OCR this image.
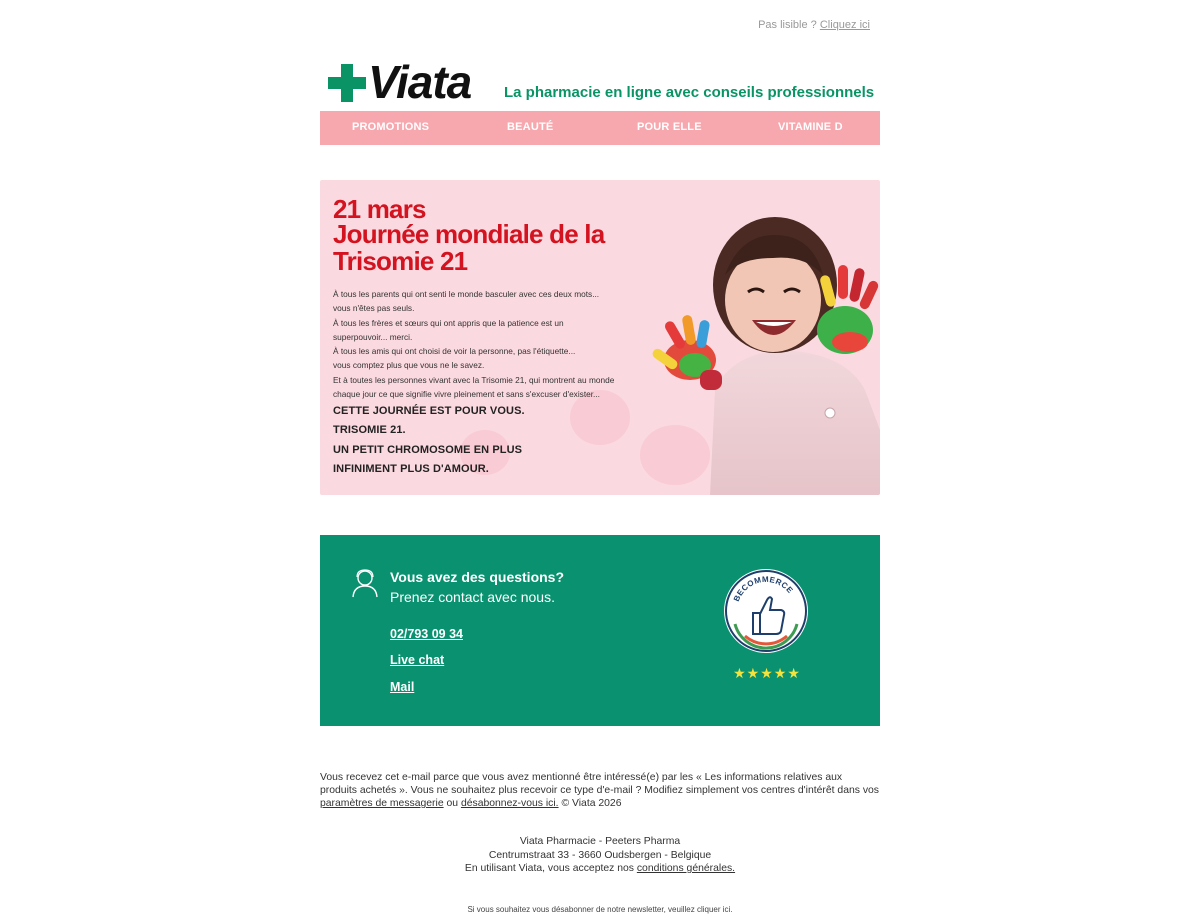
Pas lisible ? Cliquez ici
Viata La pharmacie en ligne avec conseils professionnels
PROMOTIONS	BEAUTÉ	POUR ELLE	VITAMINE D
21 mars
Journée mondiale de la Trisomie 21
À tous les parents qui ont senti le monde basculer avec ces deux mots...
vous n'êtes pas seuls.
À tous les frères et sœurs qui ont appris que la patience est un
superpouvoir... merci.
À tous les amis qui ont choisi de voir la personne, pas l'étiquette...
vous comptez plus que vous ne le savez.
Et à toutes les personnes vivant avec la Trisomie 21, qui montrent au monde
chaque jour ce que signifie vivre pleinement et sans s'excuser d'exister...
CETTE JOURNÉE EST POUR VOUS.
TRISOMIE 21.
UN PETIT CHROMOSOME EN PLUS
INFINIMENT PLUS D'AMOUR.
Vous avez des questions?
Prenez contact avec nous.
02/793 09 34
Live chat
Mail
BECOMMERCE
★★★★★
Vous recevez cet e-mail parce que vous avez mentionné être intéressé(e) par les « Les informations relatives aux produits achetés ». Vous ne souhaitez plus recevoir ce type d'e-mail ? Modifiez simplement vos centres d'intérêt dans vos paramètres de messagerie ou désabonnez-vous ici. © Viata 2026
Viata Pharmacie - Peeters Pharma
Centrumstraat 33 - 3660 Oudsbergen - Belgique
En utilisant Viata, vous acceptez nos conditions générales.
Si vous souhaitez vous désabonner de notre newsletter, veuillez cliquer ici.
